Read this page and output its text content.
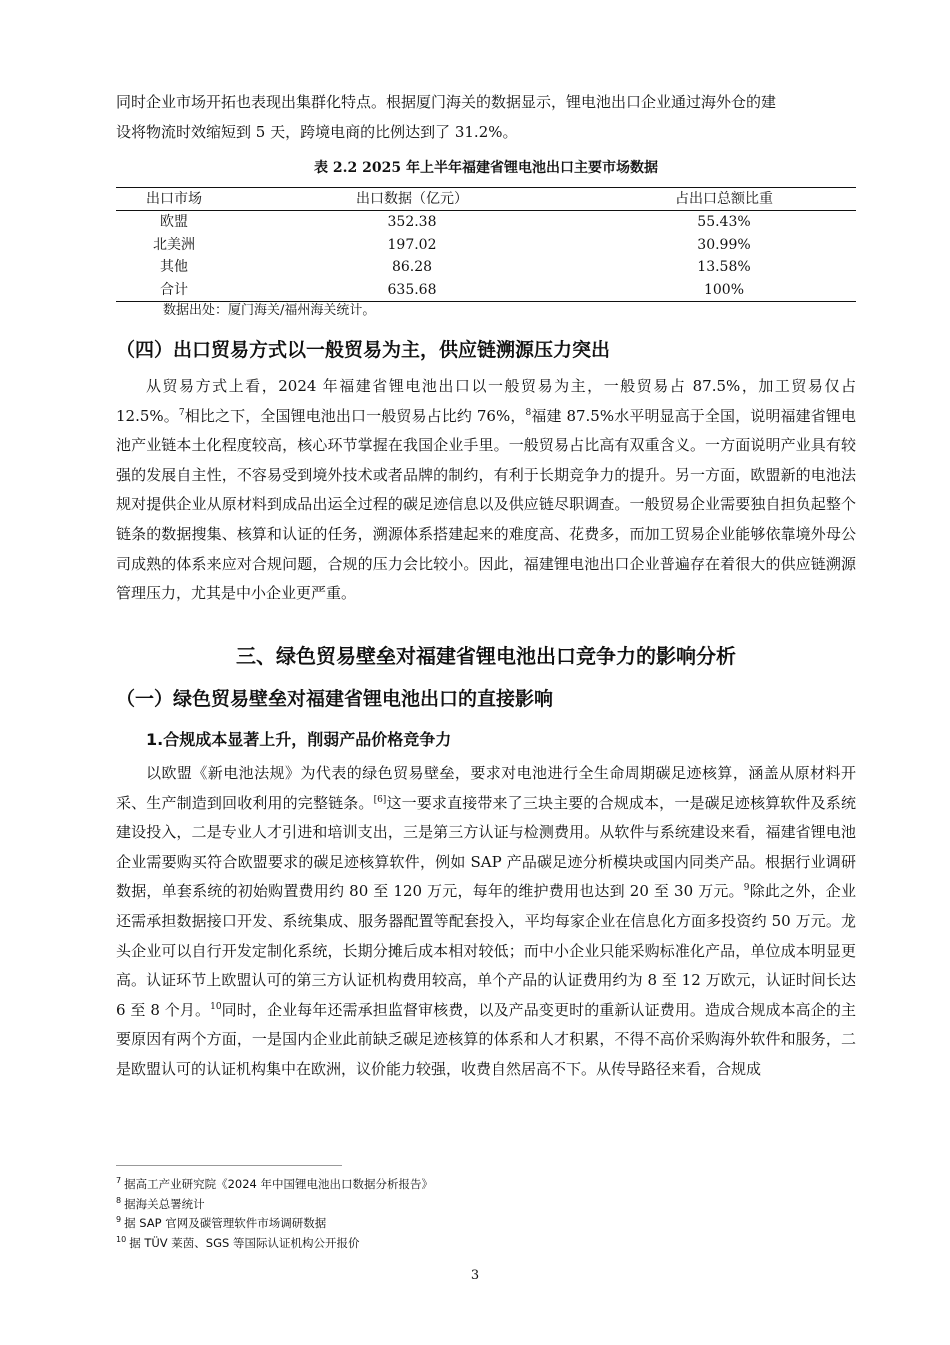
同时企业市场开拓也表现出集群化特点。根据厦门海关的数据显示，锂电池出口企业通过海外仓的建
设将物流时效缩短到 5 天，跨境电商的比例达到了 31.2%。

表 2.2 2025 年上半年福建省锂电池出口主要市场数据
出口市场	出口数据（亿元）	占出口总额比重
欧盟	352.38	55.43%
北美洲	197.02	30.99%
其他	86.28	13.58%
合计	635.68	100%
数据出处：厦门海关/福州海关统计。
（四）出口贸易方式以一般贸易为主，供应链溯源压力突出

从贸易方式上看，2024 年福建省锂电池出口以一般贸易为主，一般贸易占 87.5%，加工贸易仅占 12.5%。$^7$相比之下，全国锂电池出口一般贸易占比约 76%，$^8$福建 87.5%水平明显高于全国，说明福建省锂电池产业链本土化程度较高，核心环节掌握在我国企业手里。一般贸易占比高有双重含义。一方面说明产业具有较强的发展自主性，不容易受到境外技术或者品牌的制约，有利于长期竞争力的提升。另一方面，欧盟新的电池法规对提供企业从原材料到成品出运全过程的碳足迹信息以及供应链尽职调查。一般贸易企业需要独自担负起整个链条的数据搜集、核算和认证的任务，溯源体系搭建起来的难度高、花费多，而加工贸易企业能够依靠境外母公司成熟的体系来应对合规问题，合规的压力会比较小。因此，福建锂电池出口企业普遍存在着很大的供应链溯源管理压力，尤其是中小企业更严重。

三、绿色贸易壁垒对福建省锂电池出口竞争力的影响分析
（一）绿色贸易壁垒对福建省锂电池出口的直接影响
1.合规成本显著上升，削弱产品价格竞争力

以欧盟《新电池法规》为代表的绿色贸易壁垒，要求对电池进行全生命周期碳足迹核算，涵盖从原材料开采、生产制造到回收利用的完整链条。[6]这一要求直接带来了三块主要的合规成本，一是碳足迹核算软件及系统建设投入，二是专业人才引进和培训支出，三是第三方认证与检测费用。从软件与系统建设来看，福建省锂电池企业需要购买符合欧盟要求的碳足迹核算软件，例如 SAP 产品碳足迹分析模块或国内同类产品。根据行业调研数据，单套系统的初始购置费用约 80 至 120 万元，每年的维护费用也达到 20 至 30 万元。$^9$除此之外，企业还需承担数据接口开发、系统集成、服务器配置等配套投入，平均每家企业在信息化方面多投资约 50 万元。龙头企业可以自行开发定制化系统，长期分摊后成本相对较低；而中小企业只能采购标准化产品，单位成本明显更高。认证环节上欧盟认可的第三方认证机构费用较高，单个产品的认证费用约为 8 至 12 万欧元，认证时间长达 6 至 8 个月。$^{10}$同时，企业每年还需承担监督审核费，以及产品变更时的重新认证费用。造成合规成本高企的主要原因有两个方面，一是国内企业此前缺乏碳足迹核算的体系和人才积累，不得不高价采购海外软件和服务，二是欧盟认可的认证机构集中在欧洲，议价能力较强，收费自然居高不下。从传导路径来看，合规成

$^7$ 据高工产业研究院《2024 年中国锂电池出口数据分析报告》
$^8$ 据海关总署统计
$^9$ 据 SAP 官网及碳管理软件市场调研数据
$^{10}$ 据 TÜV 莱茵、SGS 等国际认证机构公开报价
3
